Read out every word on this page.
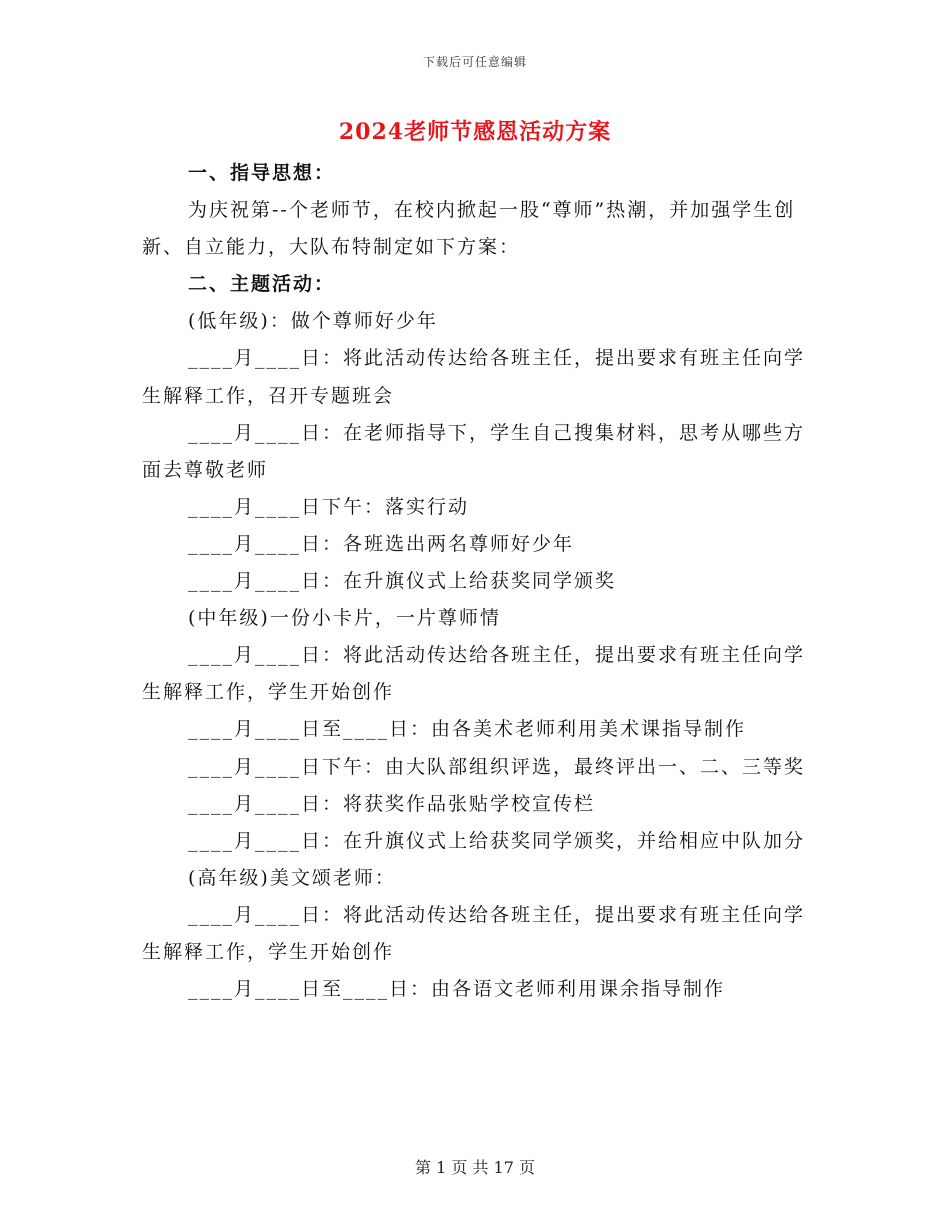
下载后可任意编辑
2024老师节感恩活动方案

一、指导思想：

为庆祝第--个老师节，在校内掀起一股“尊师”热潮，并加强学生创新、自立能力，大队布特制定如下方案：

二、主题活动：

(低年级)：做个尊师好少年

____月____日：将此活动传达给各班主任，提出要求有班主任向学生解释工作，召开专题班会

____月____日：在老师指导下，学生自己搜集材料，思考从哪些方面去尊敬老师

____月____日下午：落实行动

____月____日：各班选出两名尊师好少年

____月____日：在升旗仪式上给获奖同学颁奖

(中年级)一份小卡片，一片尊师情

____月____日：将此活动传达给各班主任，提出要求有班主任向学生解释工作，学生开始创作

____月____日至____日：由各美术老师利用美术课指导制作

____月____日下午：由大队部组织评选，最终评出一、二、三等奖

____月____日：将获奖作品张贴学校宣传栏

____月____日：在升旗仪式上给获奖同学颁奖，并给相应中队加分

(高年级)美文颂老师：

____月____日：将此活动传达给各班主任，提出要求有班主任向学生解释工作，学生开始创作

____月____日至____日：由各语文老师利用课余指导制作

第 1 页 共 17 页
